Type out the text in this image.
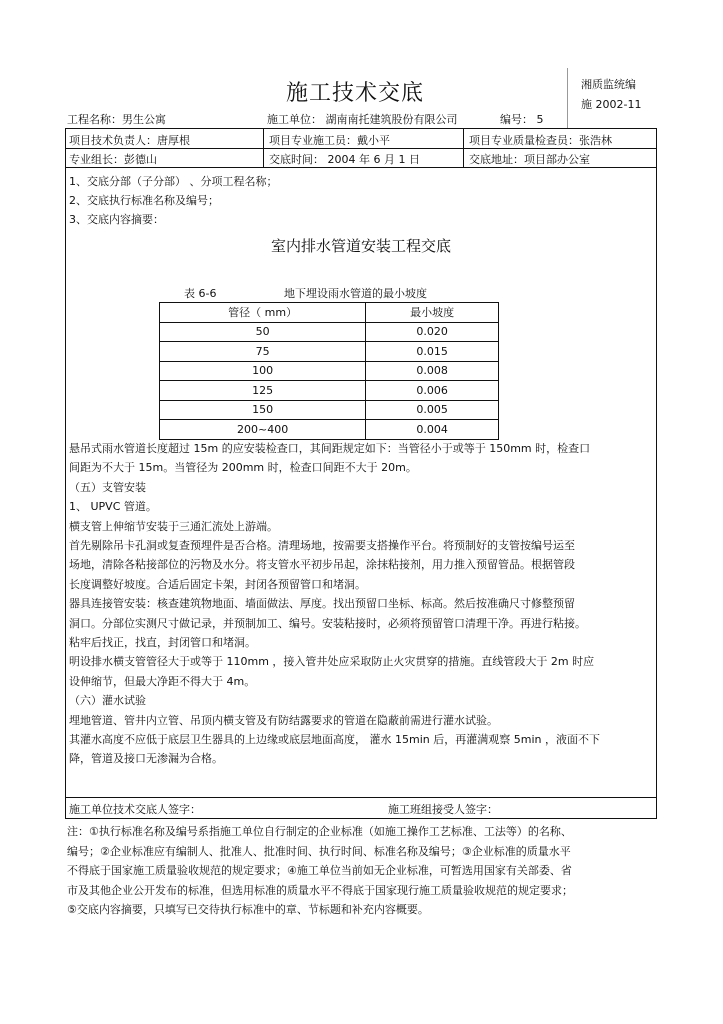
施工技术交底	湘质监统编
施 2002-11
工程名称：男生公寓	施工单位： 湖南南托建筑股份有限公司	编号： 5
项目技术负责人：唐厚根	项目专业施工员：戴小平	项目专业质量检查员：张浩林
专业组长：彭德山	交底时间： 2004 年 6 月 1 日	交底地址：项目部办公室
1、交底分部（子分部） 、分项工程名称；
2、交底执行标准名称及编号；
3、交底内容摘要：
室内排水管道安装工程交底
表 6-6	地下埋设雨水管道的最小坡度
管径（ mm）	最小坡度
50	0.020
75	0.015
100	0.008
125	0.006
150	0.005
200~400	0.004
悬吊式雨水管道长度超过 15m 的应安装检查口，其间距规定如下：当管径小于或等于 150mm 时，检查口
间距为不大于 15m。当管径为 200mm 时，检查口间距不大于 20m。
（五）支管安装
1、 UPVC 管道。
横支管上伸缩节安装于三通汇流处上游端。
首先剔除吊卡孔洞或复查预埋件是否合格。清理场地，按需要支搭操作平台。将预制好的支管按编号运至
场地，清除各粘接部位的污物及水分。将支管水平初步吊起，涂抹粘接剂，用力推入预留管品。根据管段
长度调整好坡度。合适后固定卡架，封闭各预留管口和堵洞。
器具连接管安装：核查建筑物地面、墙面做法、厚度。找出预留口坐标、标高。然后按准确尺寸修整预留
洞口。分部位实测尺寸做记录，并预制加工、编号。安装粘接时，必须将预留管口清理干净。再进行粘接。
粘牢后找正，找直，封闭管口和堵洞。
明设排水横支管管径大于或等于 110mm ，接入管井处应采取防止火灾贯穿的措施。直线管段大于 2m 时应
设伸缩节，但最大净距不得大于 4m。
（六）灌水试验
埋地管道、管井内立管、吊顶内横支管及有防结露要求的管道在隐蔽前需进行灌水试验。
其灌水高度不应低于底层卫生器具的上边缘或底层地面高度， 灌水 15min 后，再灌满观察 5min ，液面不下
降，管道及接口无渗漏为合格。
施工单位技术交底人签字：	施工班组接受人签字：
注：①执行标准名称及编号系指施工单位自行制定的企业标准（如施工操作工艺标准、工法等）的名称、
编号；②企业标准应有编制人、批准人、批准时间、执行时间、标准名称及编号；③企业标准的质量水平
不得底于国家施工质量验收规范的规定要求；④施工单位当前如无企业标准，可暂选用国家有关部委、省
市及其他企业公开发布的标准，但选用标准的质量水平不得底于国家现行施工质量验收规范的规定要求；
⑤交底内容摘要，只填写已交待执行标准中的章、节标题和补充内容概要。
